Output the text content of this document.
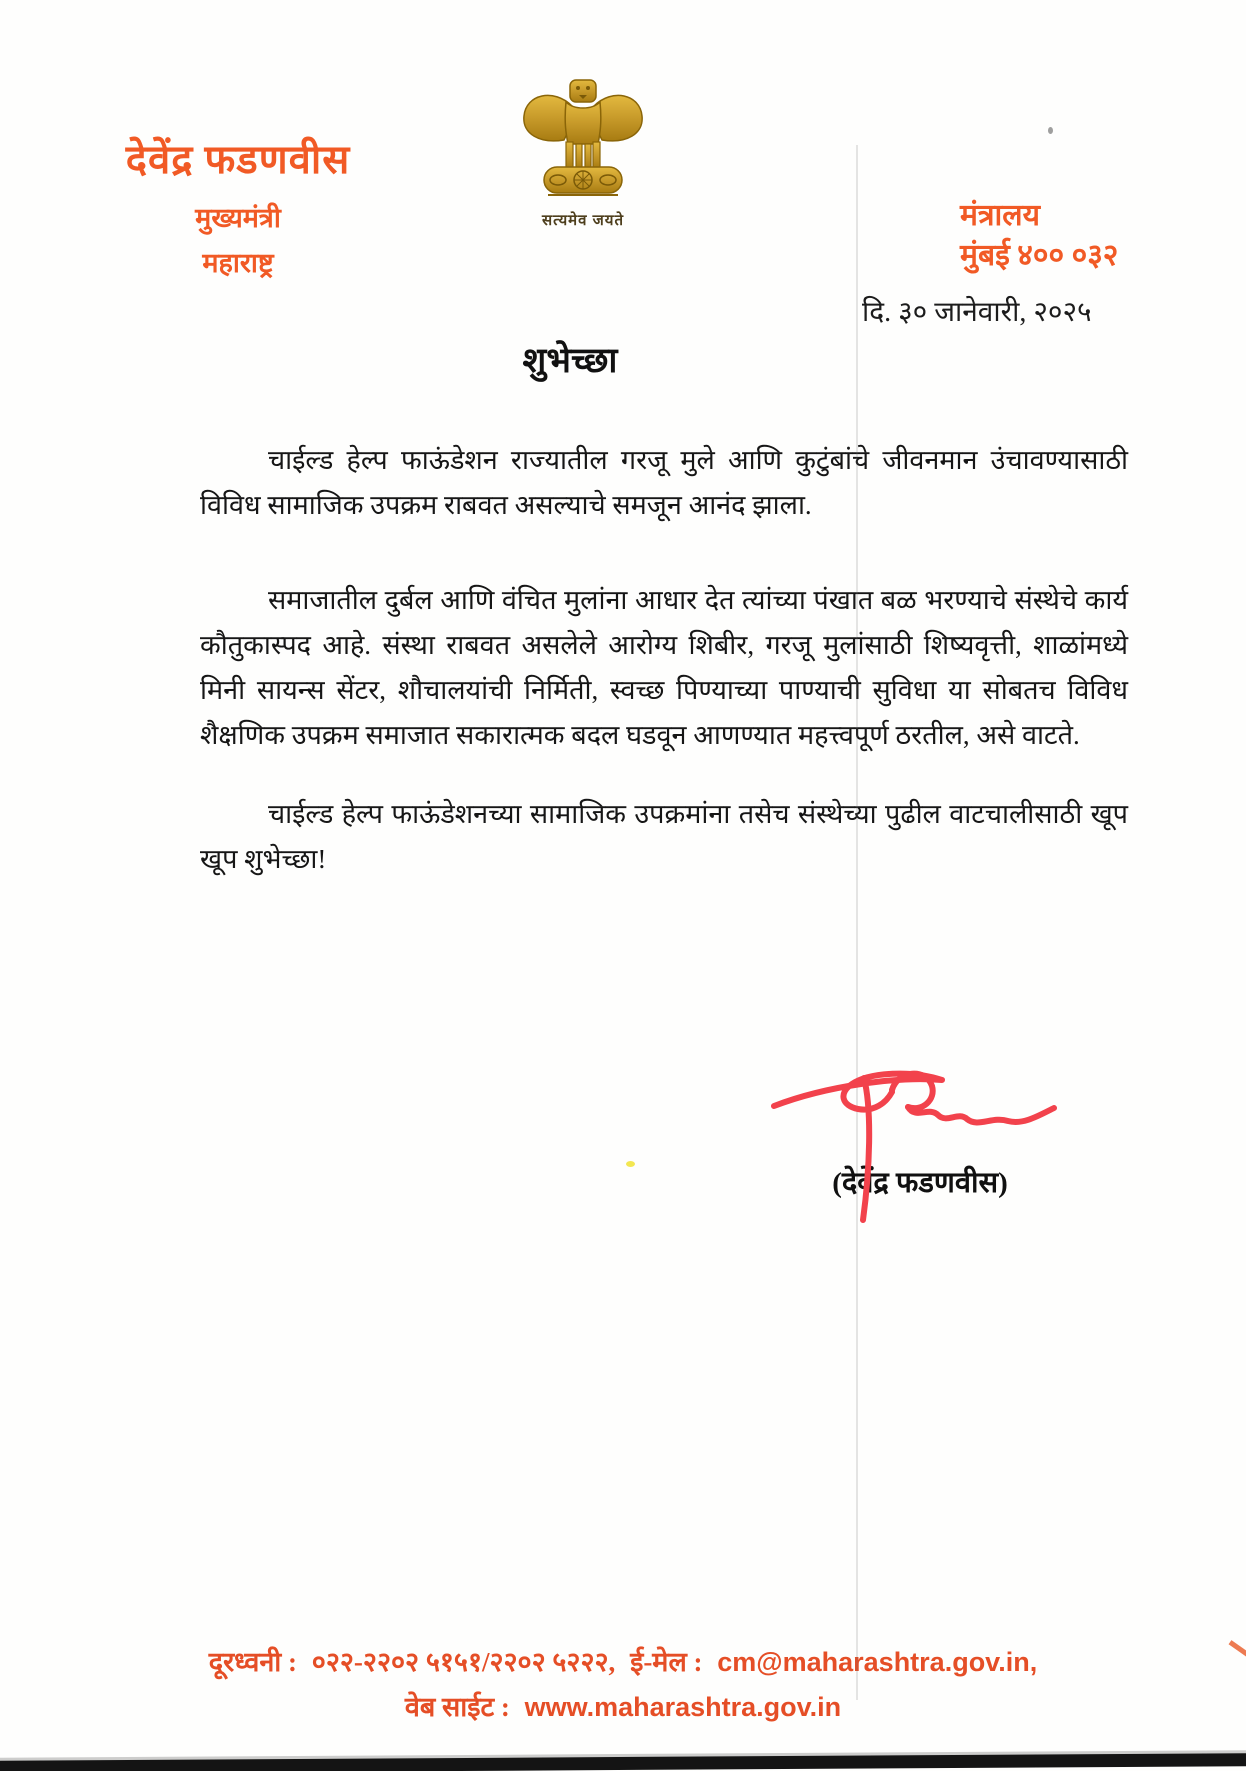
देवेंद्र फडणवीस
मुख्यमंत्री
महाराष्ट्र
सत्यमेव जयते	मंत्रालय
मुंबई ४०० ०३२
दि. ३० जानेवारी, २०२५
शुभेच्छा

चाईल्ड हेल्प फाऊंडेशन राज्यातील गरजू मुले आणि कुटुंबांचे जीवनमान उंचावण्यासाठी विविध सामाजिक उपक्रम राबवत असल्याचे समजून आनंद झाला.

समाजातील दुर्बल आणि वंचित मुलांना आधार देत त्यांच्या पंखात बळ भरण्याचे संस्थेचे कार्य कौतुकास्पद आहे. संस्था राबवत असलेले आरोग्य शिबीर, गरजू मुलांसाठी शिष्यवृत्ती, शाळांमध्ये मिनी सायन्स सेंटर, शौचालयांची निर्मिती, स्वच्छ पिण्याच्या पाण्याची सुविधा या सोबतच विविध शैक्षणिक उपक्रम समाजात सकारात्मक बदल घडवून आणण्यात महत्त्वपूर्ण ठरतील, असे वाटते.

चाईल्ड हेल्प फाऊंडेशनच्या सामाजिक उपक्रमांना तसेच संस्थेच्या पुढील वाटचालीसाठी खूप खूप शुभेच्छा!

(देवेंद्र फडणवीस)
दूरध्वनी : ०२२-२२०२ ५१५१/२२०२ ५२२२, ई-मेल : cm@maharashtra.gov.in,
वेब साईट : www.maharashtra.gov.in
